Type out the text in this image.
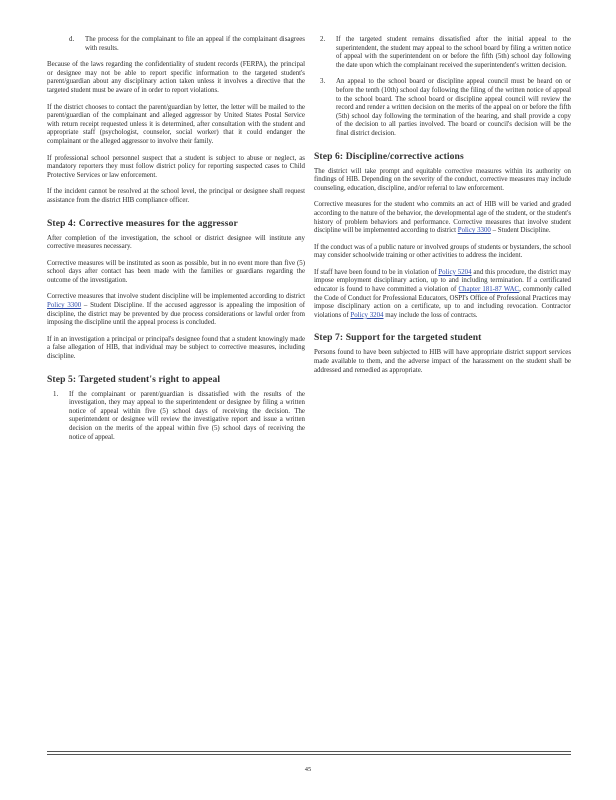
d.	The process for the complainant to file an appeal if the complainant disagrees with results.

Because of the laws regarding the confidentiality of student records (FERPA), the principal or designee may not be able to report specific information to the targeted student's parent/guardian about any disciplinary action taken unless it involves a directive that the targeted student must be aware of in order to report violations.

If the district chooses to contact the parent/guardian by letter, the letter will be mailed to the parent/guardian of the complainant and alleged aggressor by United States Postal Service with return receipt requested unless it is determined, after consultation with the student and appropriate staff (psychologist, counselor, social worker) that it could endanger the complainant or the alleged aggressor to involve their family.

If professional school personnel suspect that a student is subject to abuse or neglect, as mandatory reporters they must follow district policy for reporting suspected cases to Child Protective Services or law enforcement.

If the incident cannot be resolved at the school level, the principal or designee shall request assistance from the district HIB compliance officer.

Step 4: Corrective measures for the aggressor

After completion of the investigation, the school or district designee will institute any corrective measures necessary.

Corrective measures will be instituted as soon as possible, but in no event more than five (5) school days after contact has been made with the families or guardians regarding the outcome of the investigation.

Corrective measures that involve student discipline will be implemented according to district Policy 3300 – Student Discipline. If the accused aggressor is appealing the imposition of discipline, the district may be prevented by due process considerations or lawful order from imposing the discipline until the appeal process is concluded.

If in an investigation a principal or principal's designee found that a student knowingly made a false allegation of HIB, that individual may be subject to corrective measures, including discipline.

Step 5: Targeted student's right to appeal
1.	If the complainant or parent/guardian is dissatisfied with the results of the investigation, they may appeal to the superintendent or designee by filing a written notice of appeal within five (5) school days of receiving the decision. The superintendent or designee will review the investigative report and issue a written decision on the merits of the appeal within five (5) school days of receiving the notice of appeal.
2.	If the targeted student remains dissatisfied after the initial appeal to the superintendent, the student may appeal to the school board by filing a written notice of appeal with the superintendent on or before the fifth (5th) school day following the date upon which the complainant received the superintendent's written decision.
3.	An appeal to the school board or discipline appeal council must be heard on or before the tenth (10th) school day following the filing of the written notice of appeal to the school board. The school board or discipline appeal council will review the record and render a written decision on the merits of the appeal on or before the fifth (5th) school day following the termination of the hearing, and shall provide a copy of the decision to all parties involved. The board or council's decision will be the final district decision.
Step 6: Discipline/corrective actions

The district will take prompt and equitable corrective measures within its authority on findings of HIB. Depending on the severity of the conduct, corrective measures may include counseling, education, discipline, and/or referral to law enforcement.

Corrective measures for the student who commits an act of HIB will be varied and graded according to the nature of the behavior, the developmental age of the student, or the student's history of problem behaviors and performance. Corrective measures that involve student discipline will be implemented according to district Policy 3300 – Student Discipline.

If the conduct was of a public nature or involved groups of students or bystanders, the school may consider schoolwide training or other activities to address the incident.

If staff have been found to be in violation of Policy 5204 and this procedure, the district may impose employment disciplinary action, up to and including termination. If a certificated educator is found to have committed a violation of Chapter 181-87 WAC, commonly called the Code of Conduct for Professional Educators, OSPI's Office of Professional Practices may impose disciplinary action on a certificate, up to and including revocation. Contractor violations of Policy 3204 may include the loss of contracts.

Step 7: Support for the targeted student

Persons found to have been subjected to HIB will have appropriate district support services made available to them, and the adverse impact of the harassment on the student shall be addressed and remedied as appropriate.

45
